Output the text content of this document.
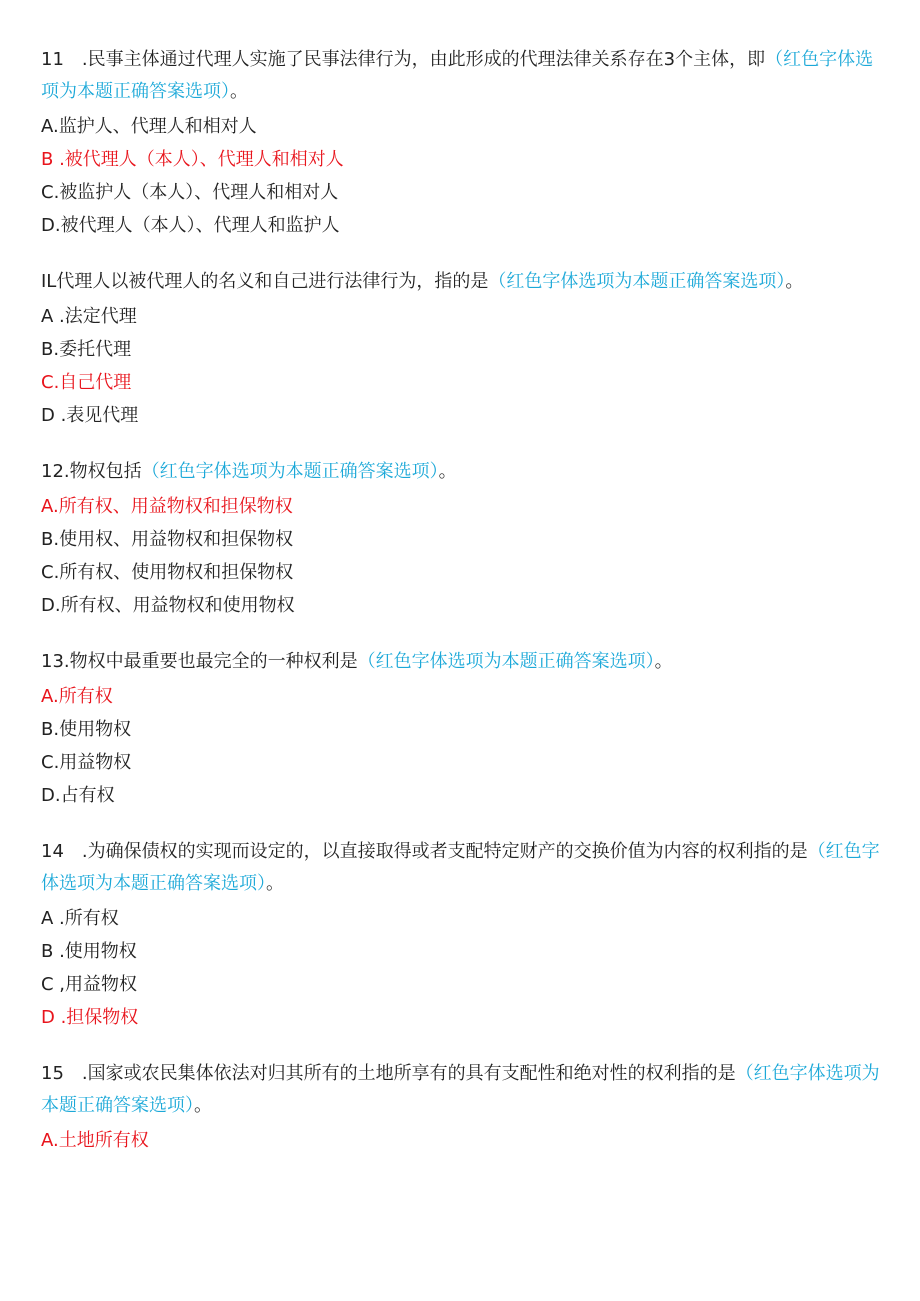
11 .民事主体通过代理人实施了民事法律行为，由此形成的代理法律关系存在3个主体，即（红色字体选 项为本题正确答案选项）。

A.监护人、代理人和相对人

B .被代理人（本人）、代理人和相对人

C.被监护人（本人）、代理人和相对人

D.被代理人（本人）、代理人和监护人

IL代理人以被代理人的名义和自己进行法律行为，指的是（红色字体选项为本题正确答案选项）。

A .法定代理

B.委托代理

C.自己代理

D .表见代理

12.物权包括（红色字体选项为本题正确答案选项）。

A.所有权、用益物权和担保物权

B.使用权、用益物权和担保物权

C.所有权、使用物权和担保物权

D.所有权、用益物权和使用物权

13.物权中最重要也最完全的一种权利是（红色字体选项为本题正确答案选项）。

A.所有权

B.使用物权

C.用益物权

D.占有权

14 .为确保债权的实现而设定的，以直接取得或者支配特定财产的交换价值为内容的权利指的是（红色字 体选项为本题正确答案选项）。

A .所有权

B .使用物权

C ,用益物权

D .担保物权

15 .国家或农民集体依法对归其所有的土地所享有的具有支配性和绝对性的权利指的是（红色字体选项为 本题正确答案选项）。

A.土地所有权
